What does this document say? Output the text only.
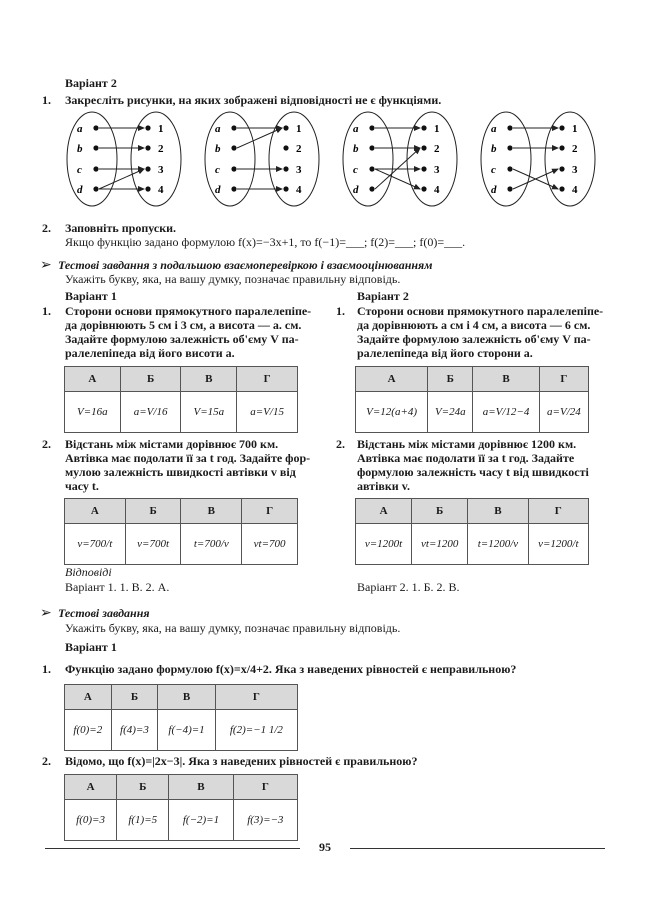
Варіант 2
1. Закресліть рисунки, на яких зображені відповідності не є функціями.
a	1
b	2
c	3
d	4
a	1
b	2
c	3
d	4
a	1
b	2
c	3
d	4
a	1
b	2
c	3
d	4
2. Заповніть пропуски.
Якщо функцію задано формулою f(x)=−3x+1, то f(−1)=___; f(2)=___; f(0)=___.
➢ Тестові завдання з подальшою взаємоперевіркою і взаємооцінюванням
Укажіть букву, яка, на вашу думку, позначає правильну відповідь.
Варіант 1
1. Сторони основи прямокутного паралелепіпе-
да дорівнюють 5 см і 3 см, а висота — a. см.
Задайте формулою залежність об'єму V па-
ралелепіпеда від його висоти a.
А	Б	В	Г
V=16a	a=V/16	V=15a	a=V/15
2. Відстань між містами дорівнює 700 км.
Автівка має подолати її за t год. Задайте фор-
мулою залежність швидкості автівки v від
часу t.
А	Б	В	Г
v=700/t	v=700t	t=700/v	vt=700
Відповіді
Варіант 1. 1. В. 2. А.
Варіант 2
1. Сторони основи прямокутного паралелепіпе-
да дорівнюють a см і 4 см, а висота — 6 см.
Задайте формулою залежність об'єму V па-
ралелепіпеда від його сторони a.
А	Б	В	Г
V=12(a+4)	V=24a	a=V/12−4	a=V/24
2. Відстань між містами дорівнює 1200 км.
Автівка має подолати її за t год. Задайте
формулою залежність часу t від швидкості
автівки v.
А	Б	В	Г
v=1200t	vt=1200	t=1200/v	v=1200/t
Варіант 2. 1. Б. 2. В.
➢ Тестові завдання
Укажіть букву, яка, на вашу думку, позначає правильну відповідь.
Варіант 1
1. Функцію задано формулою f(x)=x/4+2. Яка з наведених рівностей є неправильною?
А	Б	В	Г
f(0)=2	f(4)=3	f(−4)=1	f(2)=−1 1/2
2. Відомо, що f(x)=|2x−3|. Яка з наведених рівностей є правильною?
А	Б	В	Г
f(0)=3	f(1)=5	f(−2)=1	f(3)=−3
95
